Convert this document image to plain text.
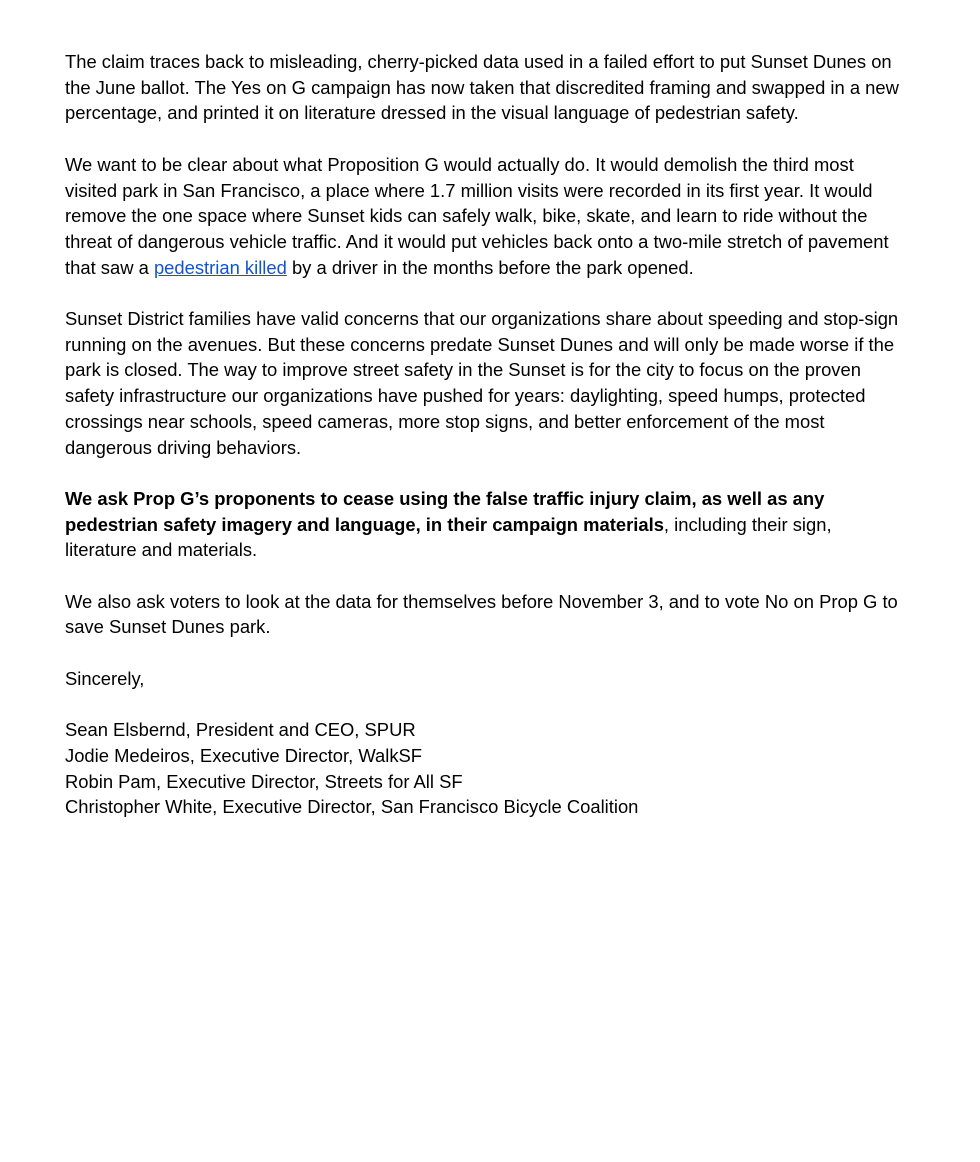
The claim traces back to misleading, cherry-picked data used in a failed effort to put Sunset Dunes on the June ballot. The Yes on G campaign has now taken that discredited framing and swapped in a new percentage, and printed it on literature dressed in the visual language of pedestrian safety.

We want to be clear about what Proposition G would actually do. It would demolish the third most visited park in San Francisco, a place where 1.7 million visits were recorded in its first year. It would remove the one space where Sunset kids can safely walk, bike, skate, and learn to ride without the threat of dangerous vehicle traffic. And it would put vehicles back onto a two-mile stretch of pavement that saw a pedestrian killed by a driver in the months before the park opened.

Sunset District families have valid concerns that our organizations share about speeding and stop-sign running on the avenues. But these concerns predate Sunset Dunes and will only be made worse if the park is closed. The way to improve street safety in the Sunset is for the city to focus on the proven safety infrastructure our organizations have pushed for years: daylighting, speed humps, protected crossings near schools, speed cameras, more stop signs, and better enforcement of the most dangerous driving behaviors.

We ask Prop G’s proponents to cease using the false traffic injury claim, as well as any pedestrian safety imagery and language, in their campaign materials, including their sign, literature and materials.

We also ask voters to look at the data for themselves before November 3, and to vote No on Prop G to save Sunset Dunes park.

Sincerely,

Sean Elsbernd, President and CEO, SPUR
Jodie Medeiros, Executive Director, WalkSF
Robin Pam, Executive Director, Streets for All SF
Christopher White, Executive Director, San Francisco Bicycle Coalition
